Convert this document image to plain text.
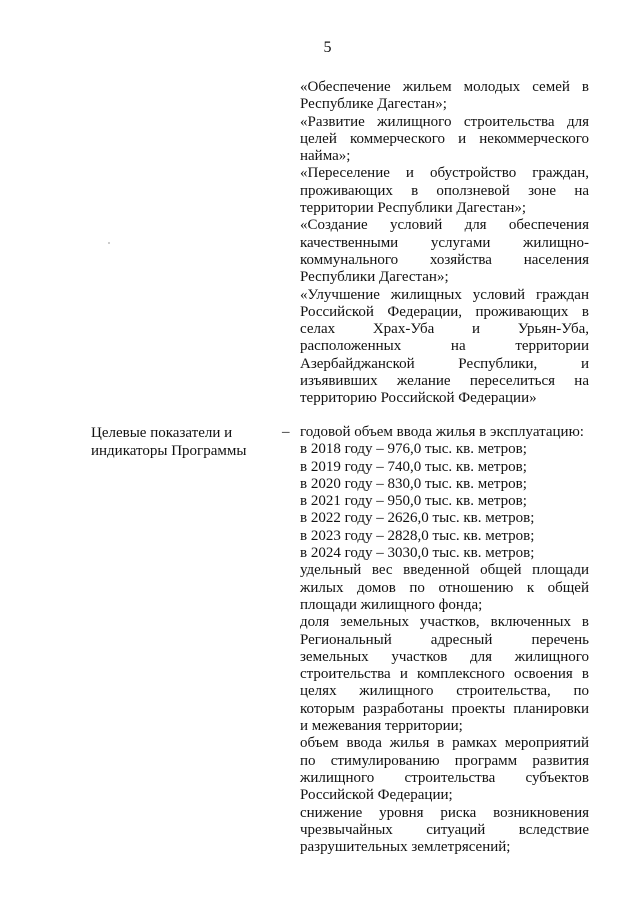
5

«Обеспечение жильем молодых семей в

Республике Дагестан»;

«Развитие жилищного строительства для

целей коммерческого и некоммерческого

найма»;

«Переселение и обустройство граждан,

проживающих в оползневой зоне на

территории Республики Дагестан»;

«Создание условий для обеспечения

качественными услугами жилищно-

коммунального хозяйства населения

Республики Дагестан»;

«Улучшение жилищных условий граждан

Российской Федерации, проживающих в

селах Храх-Уба и Урьян-Уба,

расположенных на территории

Азербайджанской Республики, и

изъявивших желание переселиться на

территорию Российской Федерации»

Целевые показатели и
индикаторы Программы
– годовой объем ввода жилья в эксплуатацию:

в 2018 году – 976,0 тыс. кв. метров;

в 2019 году – 740,0 тыс. кв. метров;

в 2020 году – 830,0 тыс. кв. метров;

в 2021 году – 950,0 тыс. кв. метров;

в 2022 году – 2626,0 тыс. кв. метров;

в 2023 году – 2828,0 тыс. кв. метров;

в 2024 году – 3030,0 тыс. кв. метров;

удельный вес введенной общей площади

жилых домов по отношению к общей

площади жилищного фонда;

доля земельных участков, включенных в

Региональный адресный перечень

земельных участков для жилищного

строительства и комплексного освоения в

целях жилищного строительства, по

которым разработаны проекты планировки

и межевания территории;

объем ввода жилья в рамках мероприятий

по стимулированию программ развития

жилищного строительства субъектов

Российской Федерации;

снижение уровня риска возникновения

чрезвычайных ситуаций вследствие

разрушительных землетрясений;
